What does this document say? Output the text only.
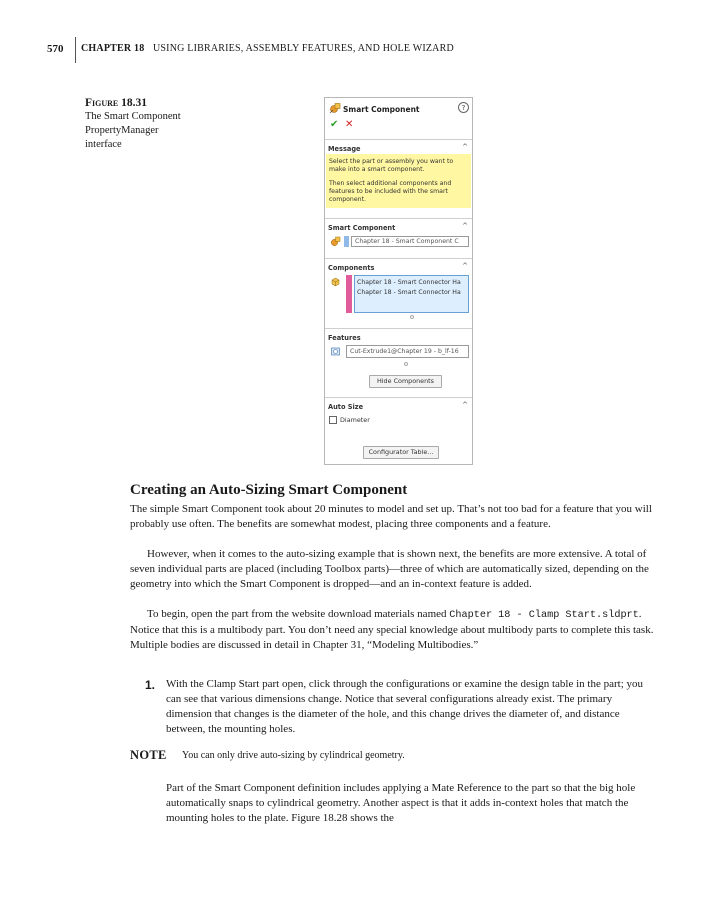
570 CHAPTER 18 USING LIBRARIES, ASSEMBLY FEATURES, AND HOLE WIZARD
Figure 18.31
The Smart Component
PropertyManager
interface
Smart Component	?
✔ ✕
Message	^

Select the part or assembly you want to make into a smart component.

Then select additional components and features to be included with the smart component.

Smart Component	^
Chapter 18 - Smart Component C
Components	^
Chapter 18 - Smart Connector Ha
Chapter 18 - Smart Connector Ha
Features
Cut-Extrude1@Chapter 19 - b_lf-16
Hide Components
Auto Size	^
Diameter
Configurator Table...
Creating an Auto-Sizing Smart Component

The simple Smart Component took about 20 minutes to model and set up. That’s not too bad for a feature that you will probably use often. The benefits are somewhat modest, placing three components and a feature.

However, when it comes to the auto-sizing example that is shown next, the benefits are more extensive. A total of seven individual parts are placed (including Toolbox parts)—three of which are automatically sized, depending on the geometry into which the Smart Component is dropped—and an in-context feature is added.

To begin, open the part from the website download materials named Chapter 18 - Clamp Start.sldprt. Notice that this is a multibody part. You don’t need any special knowledge about multibody parts to complete this task. Multiple bodies are discussed in detail in Chapter 31, “Modeling Multibodies.”

1. With the Clamp Start part open, click through the configurations or examine the design table in the part; you can see that various dimensions change. Notice that several configurations already exist. The primary dimension that changes is the diameter of the hole, and this change drives the diameter of, and distance between, the mounting holes.

NOTE You can only drive auto-sizing by cylindrical geometry.

Part of the Smart Component definition includes applying a Mate Reference to the part so that the big hole automatically snaps to cylindrical geometry. Another aspect is that it adds in-context holes that match the mounting holes to the plate. Figure 18.28 shows the
